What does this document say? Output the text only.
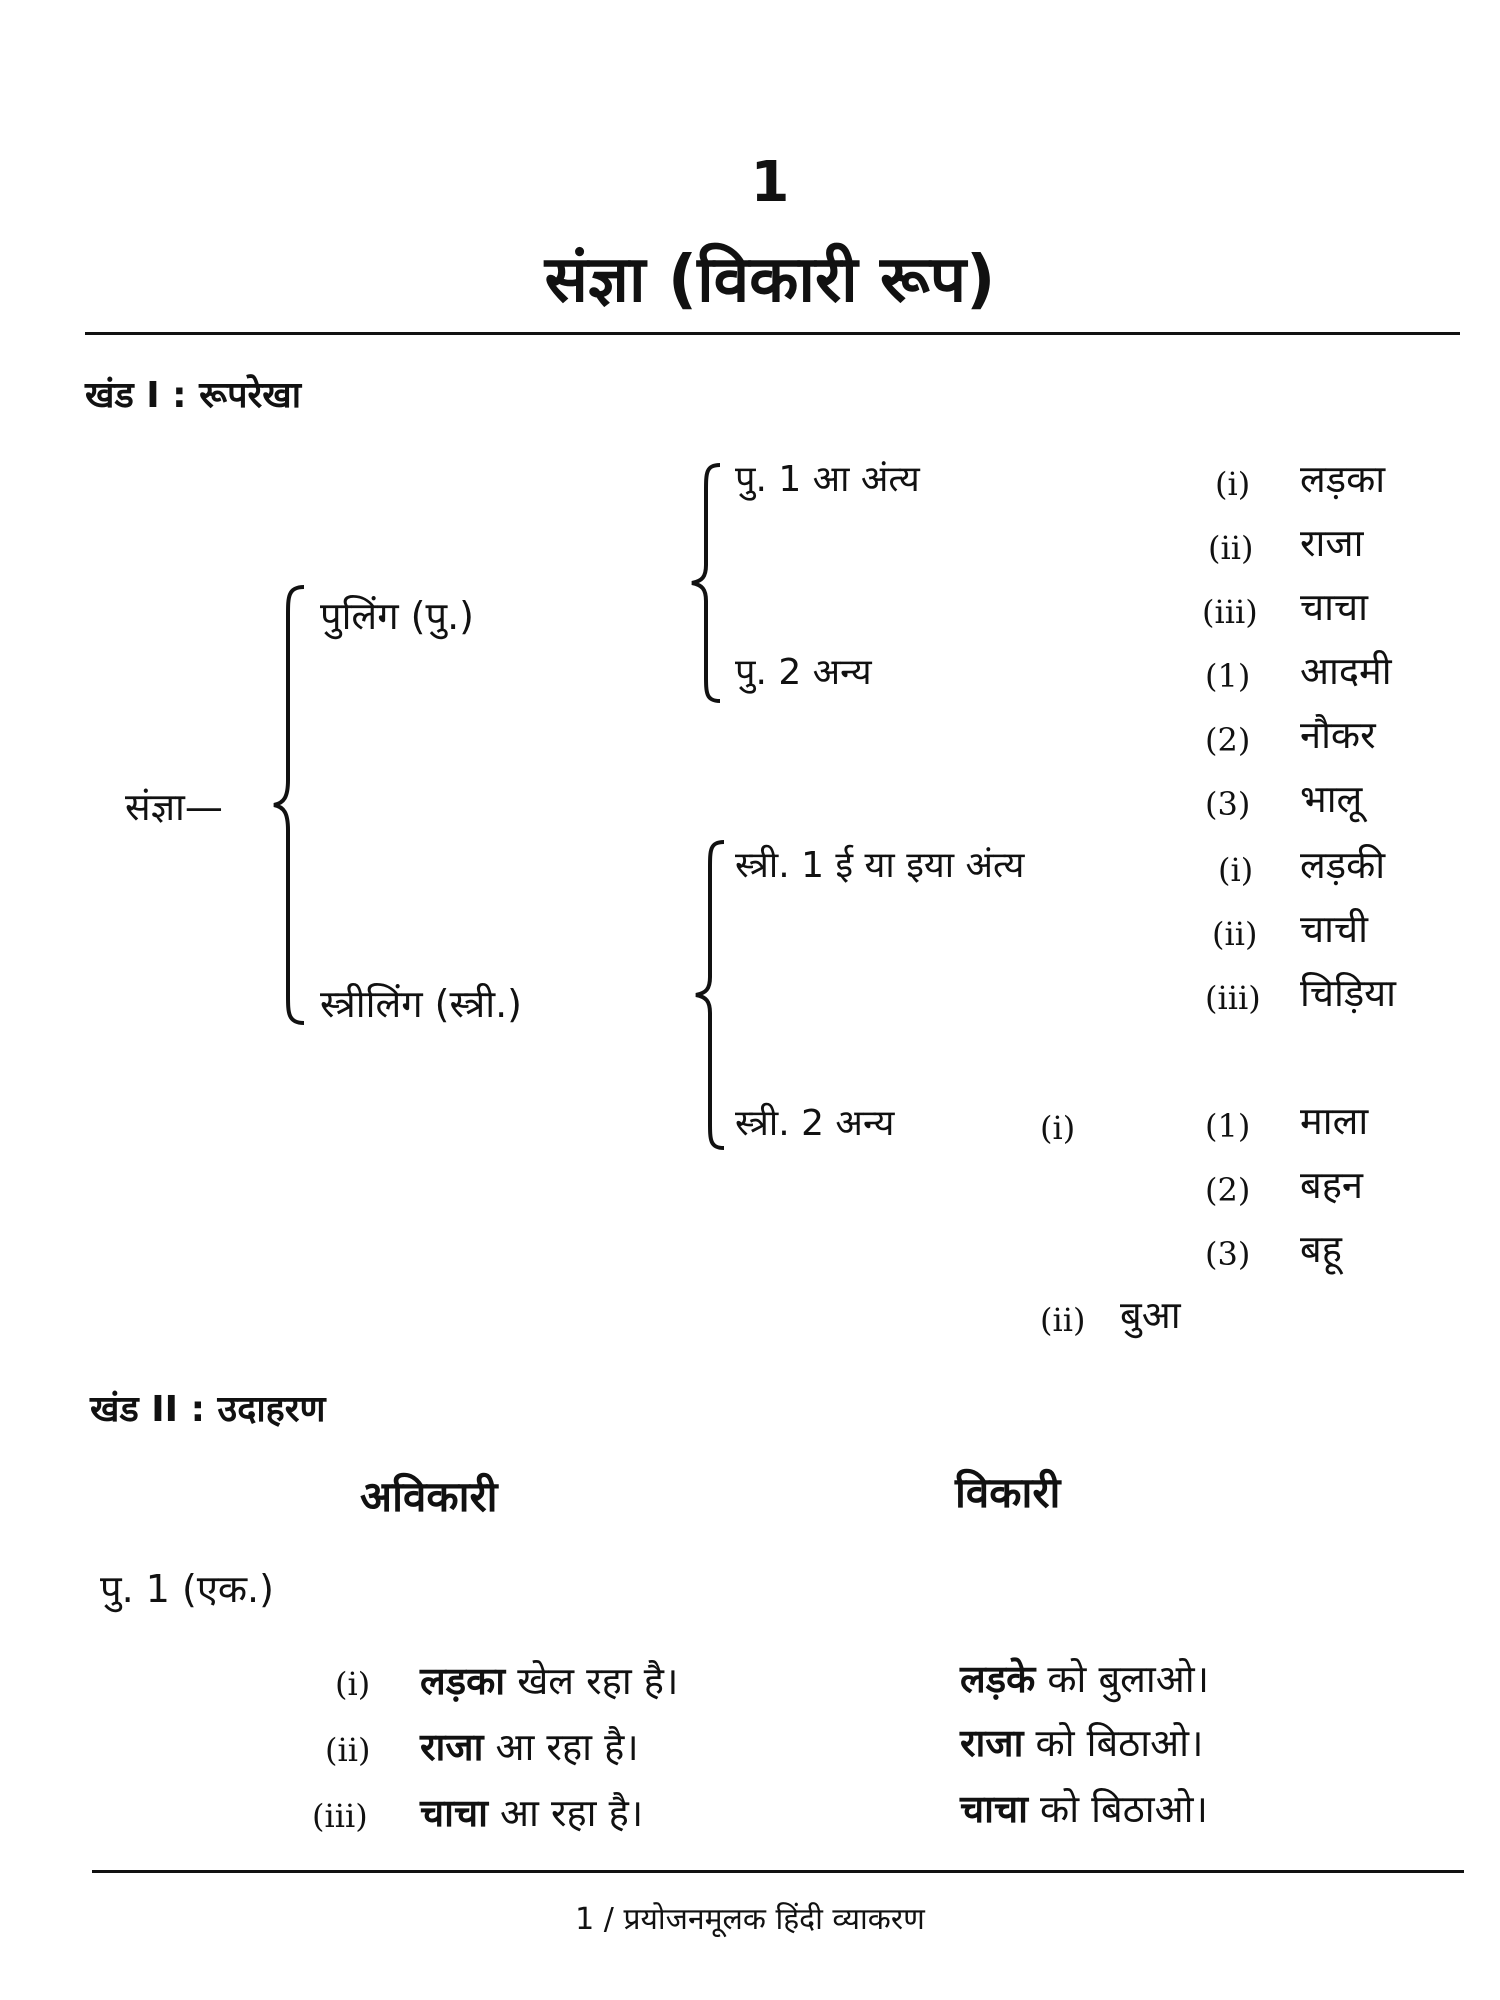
1
संज्ञा (विकारी रूप)
खंड I : रूपरेखा
संज्ञा—
पुलिंग (पु.)
स्त्रीलिंग (स्त्री.)
पु. 1 आ अंत्य	(i) लड़का
(ii) राजा
(iii) चाचा
पु. 2 अन्य	(1) आदमी
(2) नौकर
(3) भालू
स्त्री. 1 ई या इया अंत्य	(i) लड़की
(ii) चाची
(iii) चिड़िया
स्त्री. 2 अन्य	(i)	(1) माला
(2) बहन
(3) बहू
(ii) बुआ
खंड II : उदाहरण
अविकारी	विकारी
पु. 1 (एक.)
(i) लड़का खेल रहा है।	लड़के को बुलाओ।
(ii) राजा आ रहा है।	राजा को बिठाओ।
(iii) चाचा आ रहा है।	चाचा को बिठाओ।
1 / प्रयोजनमूलक हिंदी व्याकरण
